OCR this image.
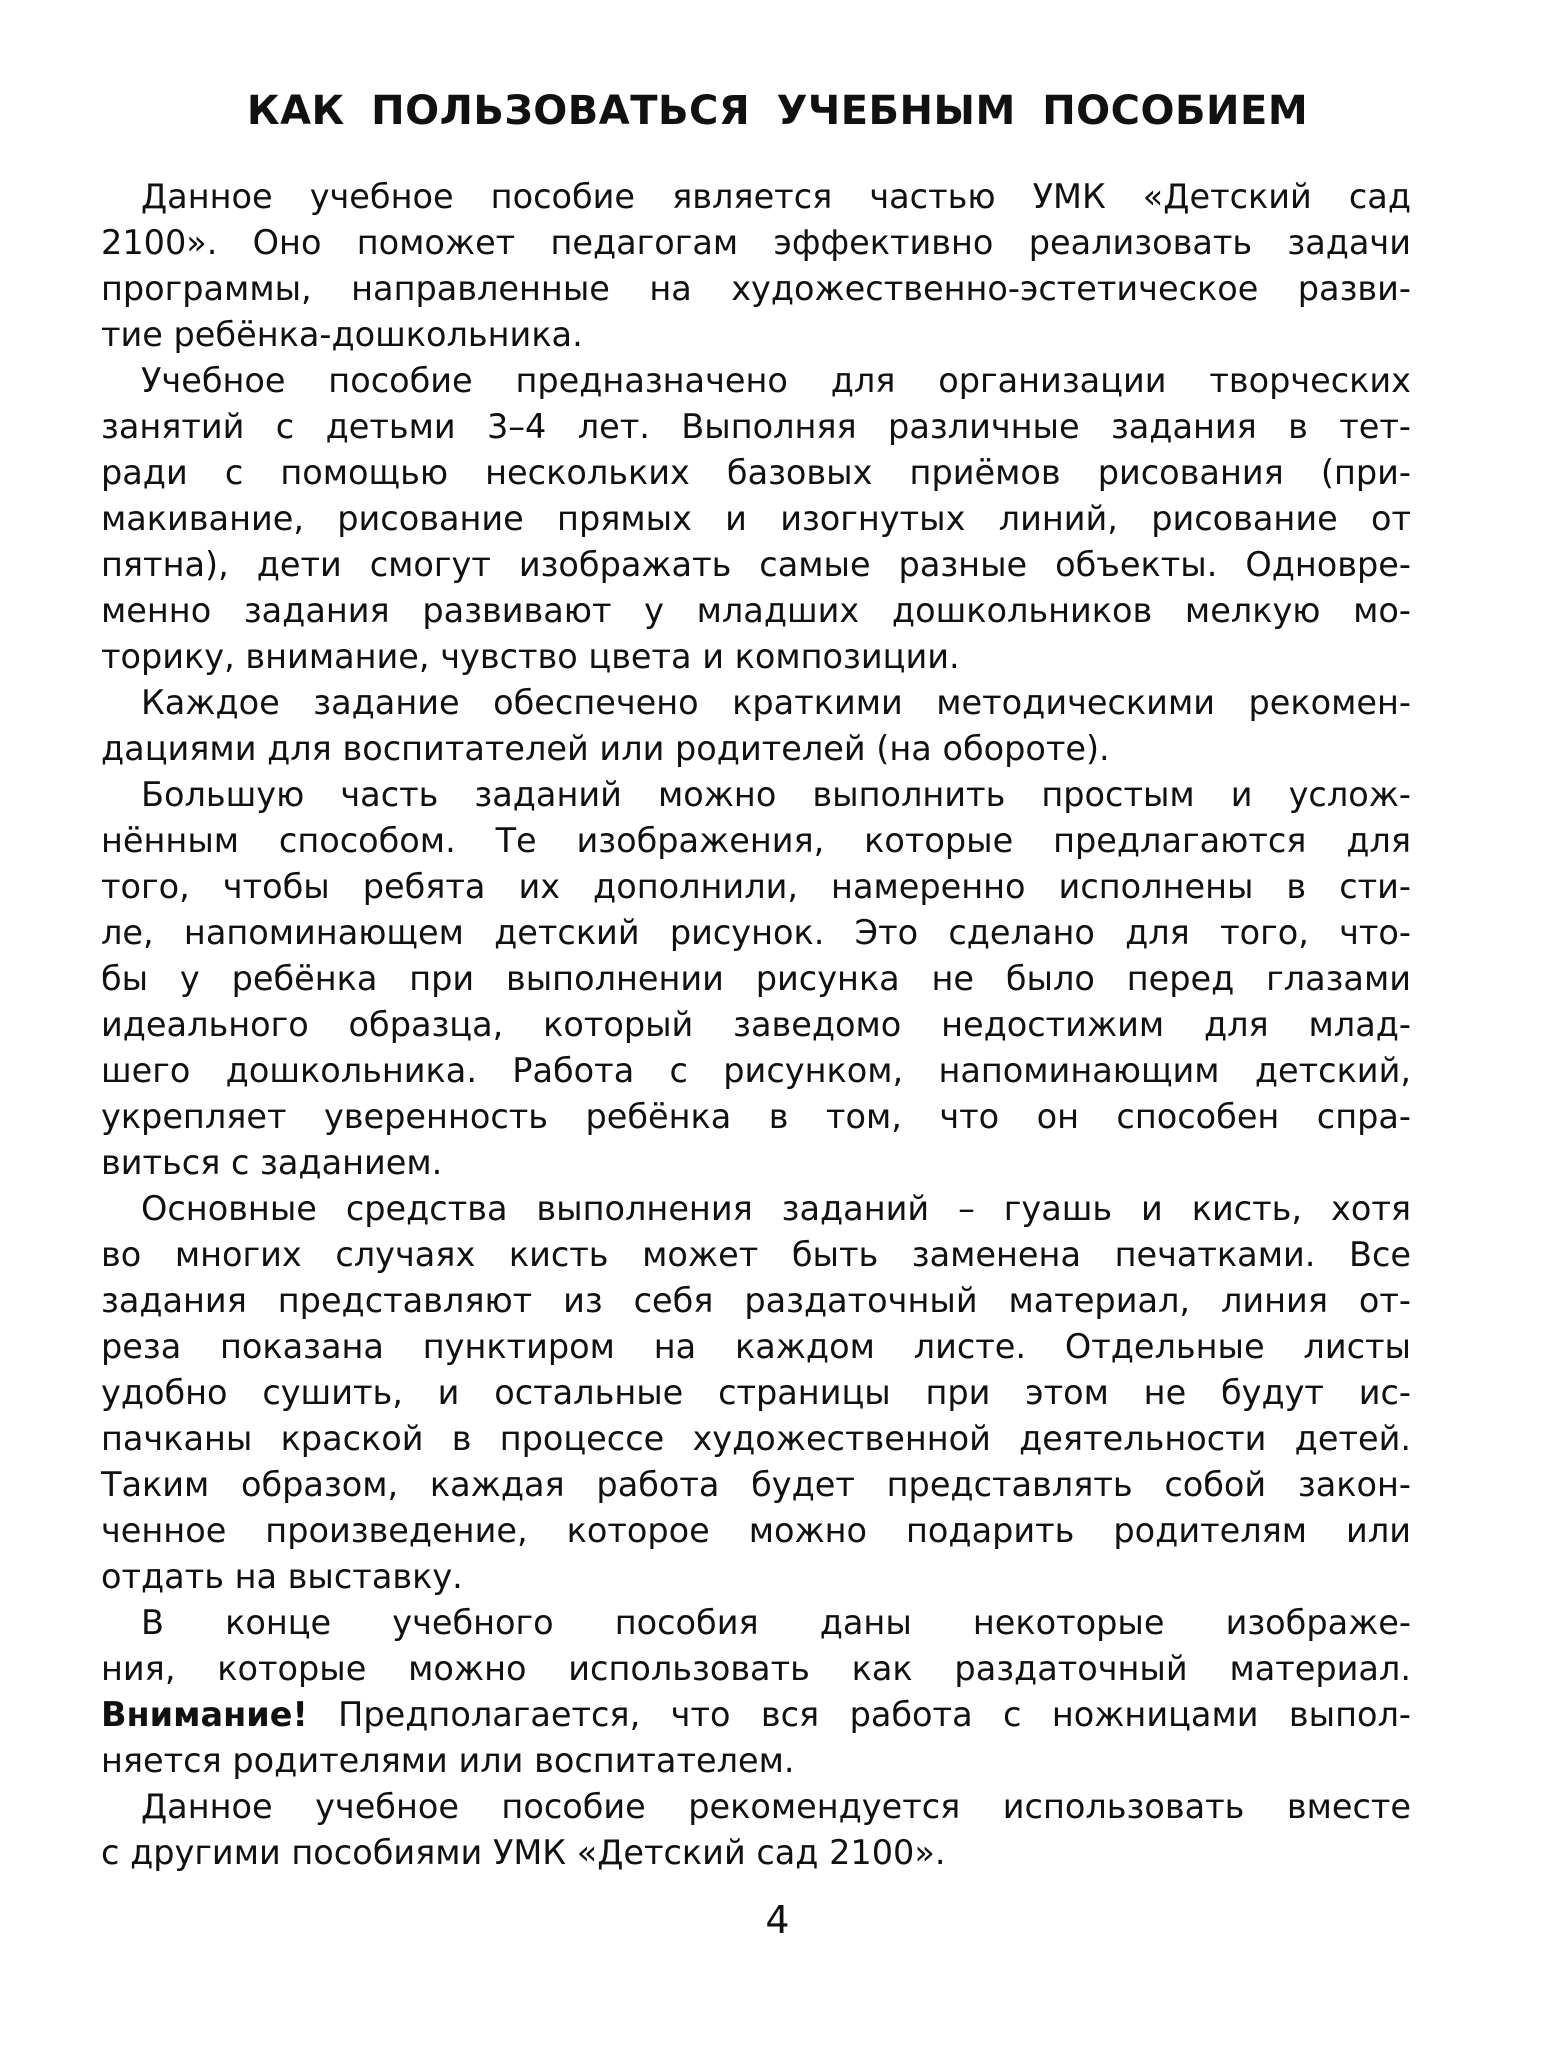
КАК ПОЛЬЗОВАТЬСЯ УЧЕБНЫМ ПОСОБИЕМ
Данное учебное пособие является частью УМК «Детский сад
2100». Оно поможет педагогам эффективно реализовать задачи
программы, направленные на художественно-эстетическое разви-
тие ребёнка-дошкольника.
Учебное пособие предназначено для организации творческих
занятий с детьми 3–4 лет. Выполняя различные задания в тет-
ради с помощью нескольких базовых приёмов рисования (при-
макивание, рисование прямых и изогнутых линий, рисование от
пятна), дети смогут изображать самые разные объекты. Одновре-
менно задания развивают у младших дошкольников мелкую мо-
торику, внимание, чувство цвета и композиции.
Каждое задание обеспечено краткими методическими рекомен-
дациями для воспитателей или родителей (на обороте).
Большую часть заданий можно выполнить простым и услож-
нённым способом. Те изображения, которые предлагаются для
того, чтобы ребята их дополнили, намеренно исполнены в сти-
ле, напоминающем детский рисунок. Это сделано для того, что-
бы у ребёнка при выполнении рисунка не было перед глазами
идеального образца, который заведомо недостижим для млад-
шего дошкольника. Работа с рисунком, напоминающим детский,
укрепляет уверенность ребёнка в том, что он способен спра-
виться с заданием.
Основные средства выполнения заданий – гуашь и кисть, хотя
во многих случаях кисть может быть заменена печатками. Все
задания представляют из себя раздаточный материал, линия от-
реза показана пунктиром на каждом листе. Отдельные листы
удобно сушить, и остальные страницы при этом не будут ис-
пачканы краской в процессе художественной деятельности детей.
Таким образом, каждая работа будет представлять собой закон-
ченное произведение, которое можно подарить родителям или
отдать на выставку.
В конце учебного пособия даны некоторые изображе-
ния, которые можно использовать как раздаточный материал.
Внимание! Предполагается, что вся работа с ножницами выпол-
няется родителями или воспитателем.
Данное учебное пособие рекомендуется использовать вместе
с другими пособиями УМК «Детский сад 2100».
4
